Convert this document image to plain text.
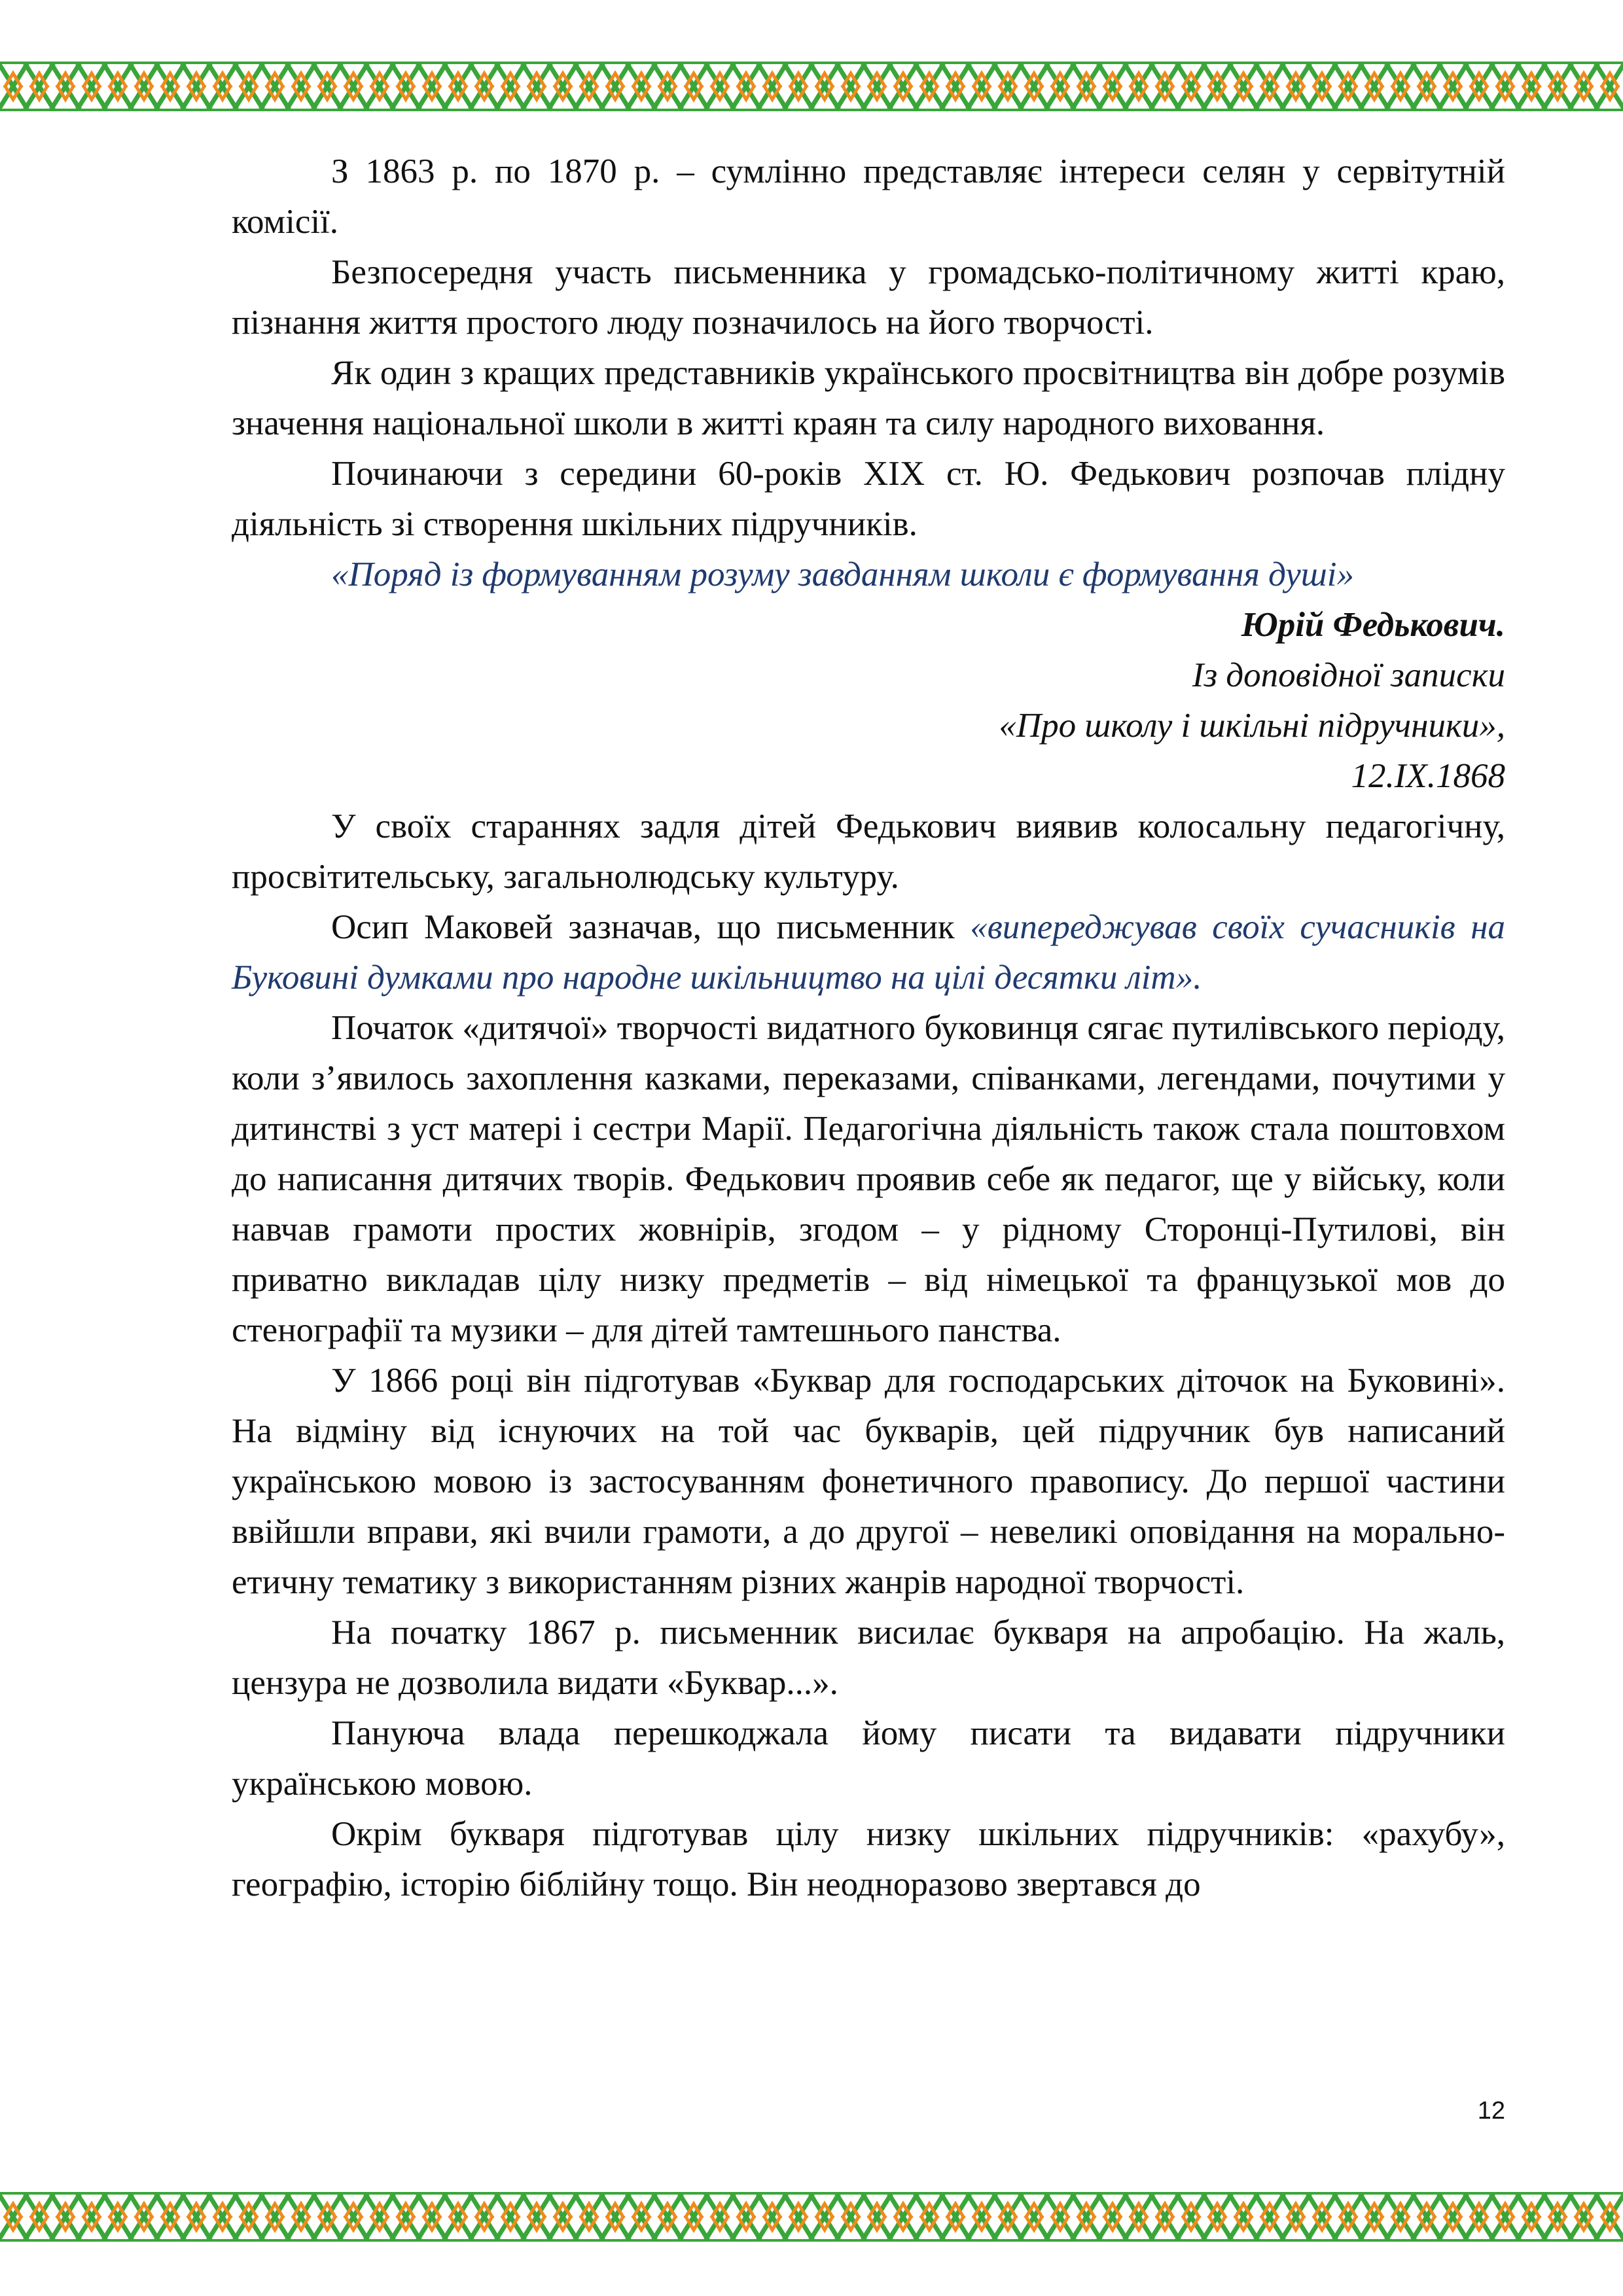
З 1863 р. по 1870 р. – сумлінно представляє інтереси селян у сервітутній комісії.

Безпосередня участь письменника у громадсько-політичному житті краю, пізнання життя простого люду позначилось на його творчості.

Як один з кращих представників українського просвітництва він добре розумів значення національної школи в житті краян та силу народного виховання.

Починаючи з середини 60-років XIX ст. Ю. Федькович розпочав плідну діяльність зі створення шкільних підручників.

«Поряд із формуванням розуму завданням школи є формування душі»

Юрій Федькович.

Із доповідної записки

«Про школу і шкільні підручники»,

12.IX.1868

У своїх стараннях задля дітей Федькович виявив колосальну педагогічну, просвітительську, загальнолюдську культуру.

Осип Маковей зазначав, що письменник «випереджував своїх сучасників на Буковині думками про народне шкільництво на цілі десятки літ».

Початок «дитячої» творчості видатного буковинця сягає путилівського періоду, коли з’явилось захоплення казками, переказами, співанками, легендами, почутими у дитинстві з уст матері і сестри Марії. Педагогічна діяльність також стала поштовхом до написання дитячих творів. Федькович проявив себе як педагог, ще у війську, коли навчав грамоти простих жовнірів, згодом – у рідному Сторонці-Путилові, він приватно викладав цілу низку предметів – від німецької та французької мов до стенографії та музики – для дітей тамтешнього панства.

У 1866 році він підготував «Буквар для господарських діточок на Буковині». На відміну від існуючих на той час букварів, цей підручник був написаний українською мовою із застосуванням фонетичного правопису. До першої частини ввійшли вправи, які вчили грамоти, а до другої – невеликі оповідання на морально-етичну тематику з використанням різних жанрів народної творчості.

На початку 1867 р. письменник висилає букваря на апробацію. На жаль, цензура не дозволила видати «Буквар...».

Пануюча влада перешкоджала йому писати та видавати підручники українською мовою.

Окрім букваря підготував цілу низку шкільних підручників: «рахубу», географію, історію біблійну тощо. Він неодноразово звертався до

12
